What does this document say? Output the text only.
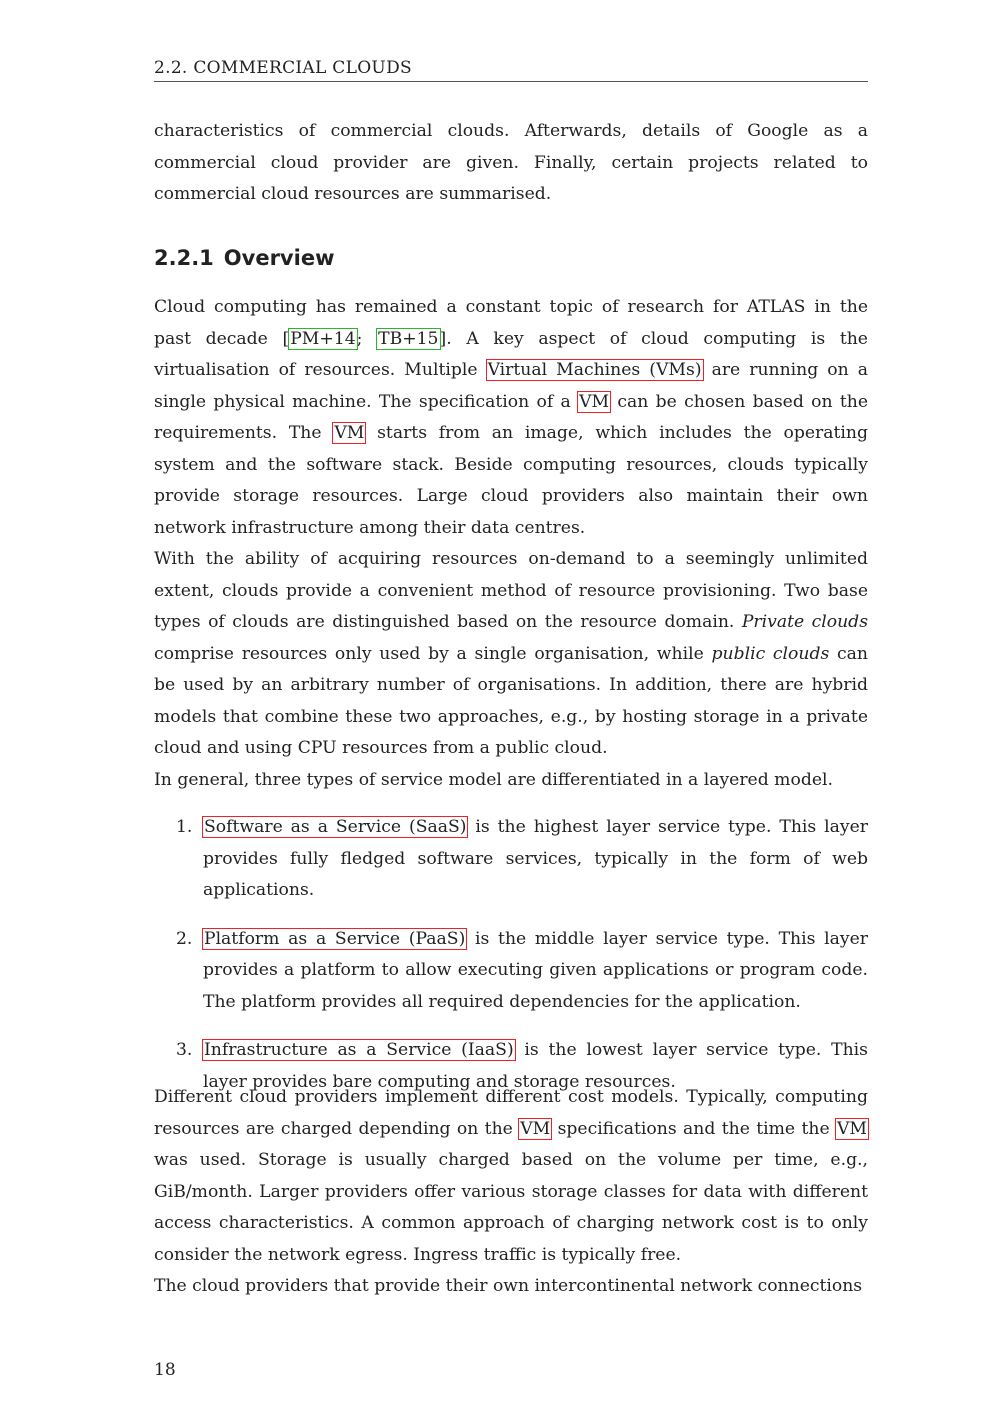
2.2. COMMERCIAL CLOUDS
characteristics of commercial clouds. Afterwards, details of Google as a commercial cloud provider are given. Finally, certain projects related to commercial cloud resources are summarised.
2.2.1 Overview

Cloud computing has remained a constant topic of research for ATLAS in the past decade [PM+14; TB+15]. A key aspect of cloud computing is the virtualisation of resources. Multiple Virtual Machines (VMs) are running on a single physical machine. The specification of a VM can be chosen based on the requirements. The VM starts from an image, which includes the operating system and the software stack. Beside computing resources, clouds typically provide storage resources. Large cloud providers also maintain their own network infrastructure among their data centres.

With the ability of acquiring resources on-demand to a seemingly unlimited extent, clouds provide a convenient method of resource provisioning. Two base types of clouds are distinguished based on the resource domain. Private clouds comprise resources only used by a single organisation, while public clouds can be used by an arbitrary number of organisations. In addition, there are hybrid models that combine these two approaches, e.g., by hosting storage in a private cloud and using CPU resources from a public cloud.

In general, three types of service model are differentiated in a layered model.

1. Software as a Service (SaaS) is the highest layer service type. This layer provides fully fledged software services, typically in the form of web applications.
2. Platform as a Service (PaaS) is the middle layer service type. This layer provides a platform to allow executing given applications or program code. The platform provides all required dependencies for the application.
3. Infrastructure as a Service (IaaS) is the lowest layer service type. This layer provides bare computing and storage resources.

Different cloud providers implement different cost models. Typically, computing resources are charged depending on the VM specifications and the time the VM was used. Storage is usually charged based on the volume per time, e.g., GiB/month. Larger providers offer various storage classes for data with different access characteristics. A common approach of charging network cost is to only consider the network egress. Ingress traffic is typically free.

The cloud providers that provide their own intercontinental network connections

18
